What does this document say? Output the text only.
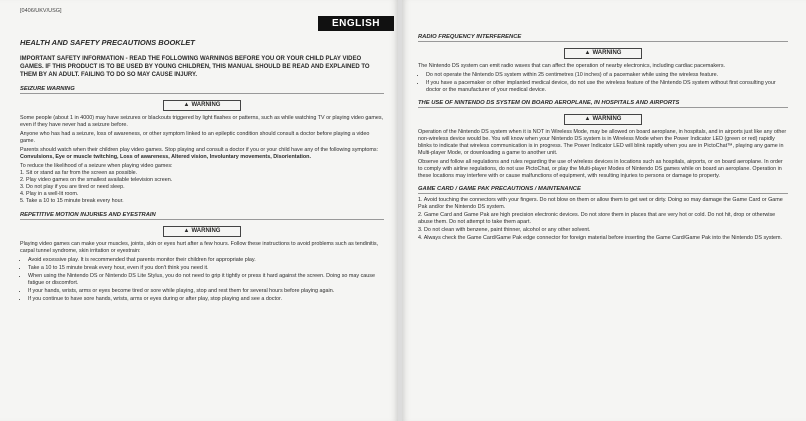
[0406/UKV/USG]
ENGLISH
HEALTH AND SAFETY PRECAUTIONS BOOKLET
IMPORTANT SAFETY INFORMATION - READ THE FOLLOWING WARNINGS BEFORE YOU OR YOUR CHILD PLAY VIDEO GAMES. IF THIS PRODUCT IS TO BE USED BY YOUNG CHILDREN, THIS MANUAL SHOULD BE READ AND EXPLAINED TO THEM BY AN ADULT. FAILING TO DO SO MAY CAUSE INJURY.
SEIZURE WARNING
▲ WARNING

Some people (about 1 in 4000) may have seizures or blackouts triggered by light flashes or patterns, such as while watching TV or playing video games, even if they have never had a seizure before.

Anyone who has had a seizure, loss of awareness, or other symptom linked to an epileptic condition should consult a doctor before playing a video game.

Parents should watch when their children play video games. Stop playing and consult a doctor if you or your child have any of the following symptoms: Convulsions, Eye or muscle twitching, Loss of awareness, Altered vision, Involuntary movements, Disorientation.

To reduce the likelihood of a seizure when playing video games:

1. Sit or stand as far from the screen as possible.
2. Play video games on the smallest available television screen.
3. Do not play if you are tired or need sleep.
4. Play in a well-lit room.
5. Take a 10 to 15 minute break every hour.
REPETITIVE MOTION INJURIES AND EYESTRAIN
▲ WARNING

Playing video games can make your muscles, joints, skin or eyes hurt after a few hours. Follow these instructions to avoid problems such as tendinitis, carpal tunnel syndrome, skin irritation or eyestrain:

• Avoid excessive play. It is recommended that parents monitor their children for appropriate play.
• Take a 10 to 15 minute break every hour, even if you don't think you need it.
• When using the Nintendo DS or Nintendo DS Lite Stylus, you do not need to grip it tightly or press it hard against the screen. Doing so may cause fatigue or discomfort.
• If your hands, wrists, arms or eyes become tired or sore while playing, stop and rest them for several hours before playing again.
• If you continue to have sore hands, wrists, arms or eyes during or after play, stop playing and see a doctor.
RADIO FREQUENCY INTERFERENCE
▲ WARNING

The Nintendo DS system can emit radio waves that can affect the operation of nearby electronics, including cardiac pacemakers.

• Do not operate the Nintendo DS system within 25 centimetres (10 inches) of a pacemaker while using the wireless feature.
• If you have a pacemaker or other implanted medical device, do not use the wireless feature of the Nintendo DS system without first consulting your doctor or the manufacturer of your medical device.
THE USE OF NINTENDO DS SYSTEM ON BOARD AEROPLANE, IN HOSPITALS AND AIRPORTS
▲ WARNING

Operation of the Nintendo DS system when it is NOT in Wireless Mode, may be allowed on board aeroplane, in hospitals, and in airports just like any other non-wireless device would be. You will know when your Nintendo DS system is in Wireless Mode when the Power Indicator LED (green or red) rapidly blinks to indicate that wireless communication is in progress. The Power Indicator LED will blink rapidly when you are in PictoChat™, playing any game in Multi-player Mode, or downloading a game to another unit.

Observe and follow all regulations and rules regarding the use of wireless devices in locations such as hospitals, airports, or on board aeroplane. In order to comply with airline regulations, do not use PictoChat, or play the Multi-player Modes of Nintendo DS games while on board an aeroplane. Operation in these locations may interfere with or cause malfunctions of equipment, with resulting injuries to persons or damage to property.

GAME CARD / GAME PAK PRECAUTIONS / MAINTENANCE
1. Avoid touching the connectors with your fingers. Do not blow on them or allow them to get wet or dirty. Doing so may damage the Game Card or Game Pak and/or the Nintendo DS system.
2. Game Card and Game Pak are high precision electronic devices. Do not store them in places that are very hot or cold. Do not hit, drop or otherwise abuse them. Do not attempt to take them apart.
3. Do not clean with benzene, paint thinner, alcohol or any other solvent.
4. Always check the Game Card/Game Pak edge connector for foreign material before inserting the Game Card/Game Pak into the Nintendo DS system.
